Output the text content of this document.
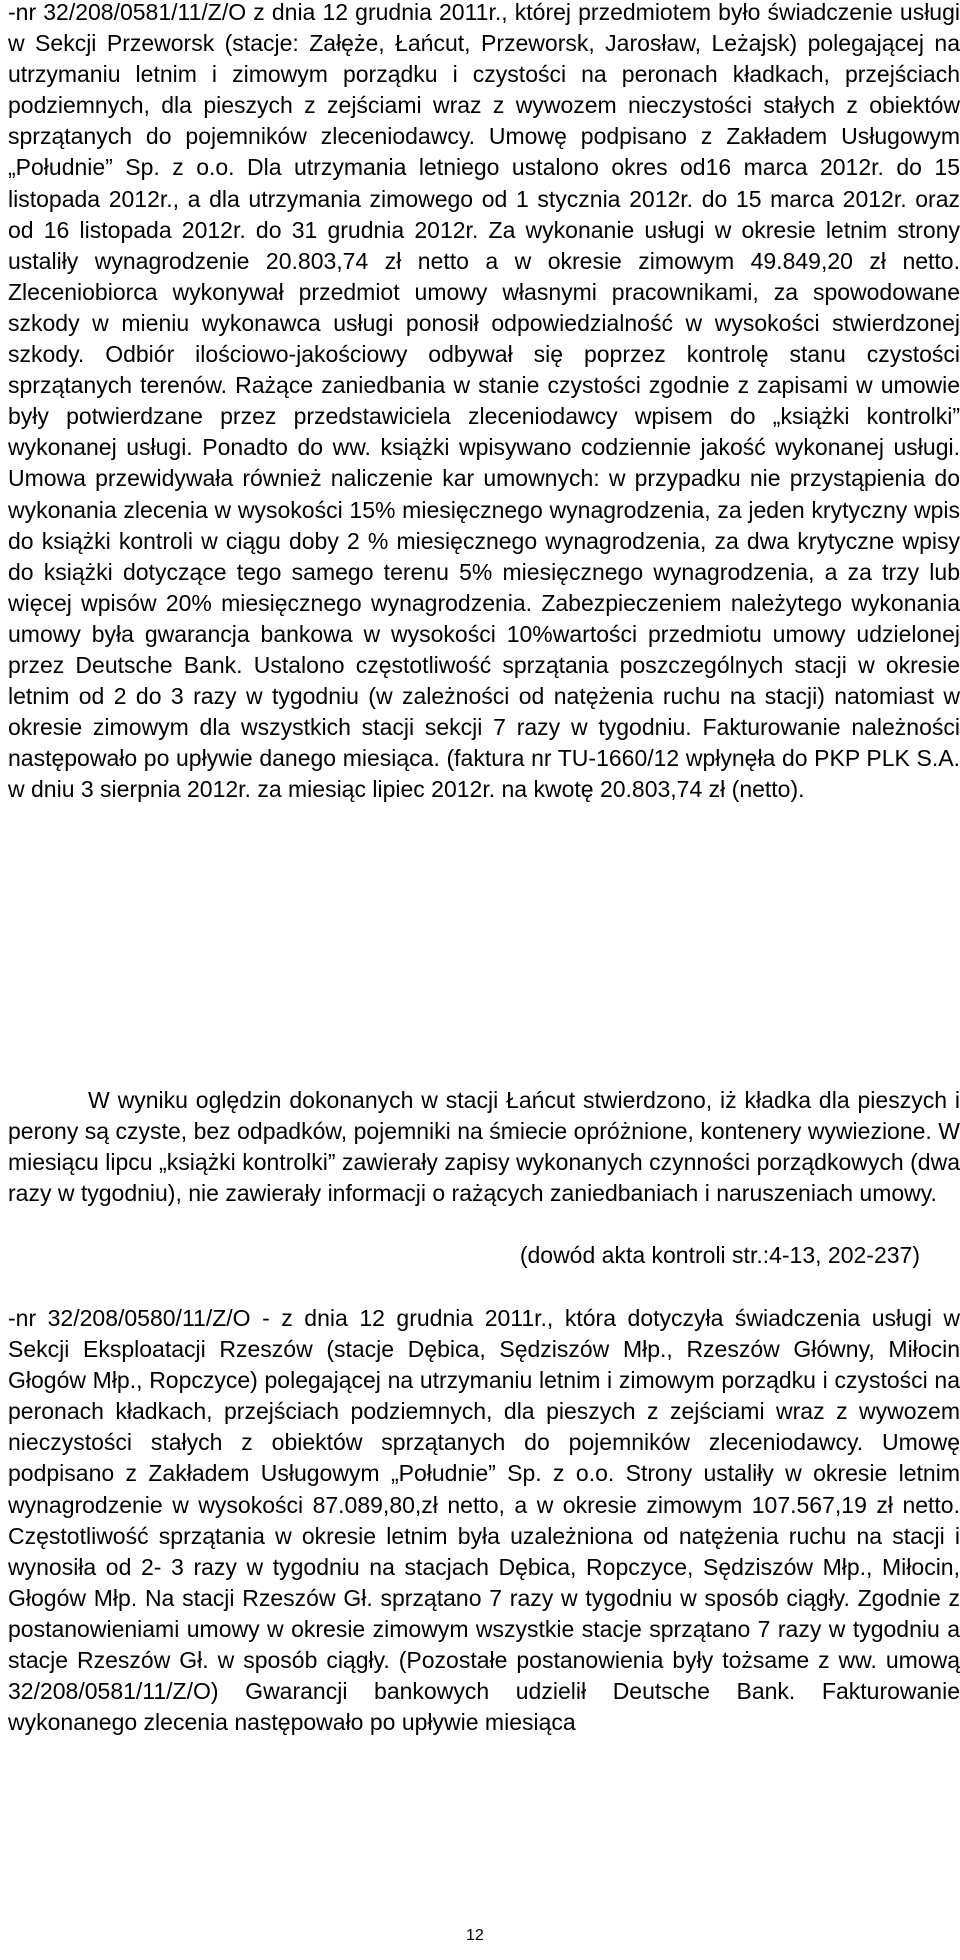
-nr 32/208/0581/11/Z/O z dnia 12 grudnia 2011r., której przedmiotem było świadczenie usługi w Sekcji Przeworsk (stacje: Załęże, Łańcut, Przeworsk, Jarosław, Leżajsk) polegającej na utrzymaniu letnim i zimowym porządku i czystości na peronach kładkach, przejściach podziemnych, dla pieszych z zejściami wraz z wywozem nieczystości stałych z obiektów sprzątanych do pojemników zleceniodawcy. Umowę podpisano z Zakładem Usługowym „Południe” Sp. z o.o. Dla utrzymania letniego ustalono okres od16 marca 2012r. do 15 listopada 2012r., a dla utrzymania zimowego od 1 stycznia 2012r. do 15 marca 2012r. oraz od 16 listopada 2012r. do 31 grudnia 2012r. Za wykonanie usługi w okresie letnim strony ustaliły wynagrodzenie 20.803,74 zł netto a w okresie zimowym 49.849,20 zł netto. Zleceniobiorca wykonywał przedmiot umowy własnymi pracownikami, za spowodowane szkody w mieniu wykonawca usługi ponosił odpowiedzialność w wysokości stwierdzonej szkody. Odbiór ilościowo-jakościowy odbywał się poprzez kontrolę stanu czystości sprzątanych terenów. Rażące zaniedbania w stanie czystości zgodnie z zapisami w umowie były potwierdzane przez przedstawiciela zleceniodawcy wpisem do „książki kontrolki” wykonanej usługi. Ponadto do ww. książki wpisywano codziennie jakość wykonanej usługi. Umowa przewidywała również naliczenie kar umownych: w przypadku nie przystąpienia do wykonania zlecenia w wysokości 15% miesięcznego wynagrodzenia, za jeden krytyczny wpis do książki kontroli w ciągu doby 2 % miesięcznego wynagrodzenia, za dwa krytyczne wpisy do książki dotyczące tego samego terenu 5% miesięcznego wynagrodzenia, a za trzy lub więcej wpisów 20% miesięcznego wynagrodzenia. Zabezpieczeniem należytego wykonania umowy była gwarancja bankowa w wysokości 10%wartości przedmiotu umowy udzielonej przez Deutsche Bank. Ustalono częstotliwość sprzątania poszczególnych stacji w okresie letnim od 2 do 3 razy w tygodniu (w zależności od natężenia ruchu na stacji) natomiast w okresie zimowym dla wszystkich stacji sekcji 7 razy w tygodniu. Fakturowanie należności następowało po upływie danego miesiąca. (faktura nr TU-1660/12 wpłynęła do PKP PLK S.A. w dniu 3 sierpnia 2012r. za miesiąc lipiec 2012r. na kwotę 20.803,74 zł (netto).

W wyniku oględzin dokonanych w stacji Łańcut stwierdzono, iż kładka dla pieszych i perony są czyste, bez odpadków, pojemniki na śmiecie opróżnione, kontenery wywiezione. W miesiącu lipcu „książki kontrolki” zawierały zapisy wykonanych czynności porządkowych (dwa razy w tygodniu), nie zawierały informacji o rażących zaniedbaniach i naruszeniach umowy.

(dowód akta kontroli str.:4-13, 202-237)

-nr 32/208/0580/11/Z/O - z dnia 12 grudnia 2011r., która dotyczyła świadczenia usługi w Sekcji Eksploatacji Rzeszów (stacje Dębica, Sędziszów Młp., Rzeszów Główny, Miłocin Głogów Młp., Ropczyce) polegającej na utrzymaniu letnim i zimowym porządku i czystości na peronach kładkach, przejściach podziemnych, dla pieszych z zejściami wraz z wywozem nieczystości stałych z obiektów sprzątanych do pojemników zleceniodawcy. Umowę podpisano z Zakładem Usługowym „Południe” Sp. z o.o. Strony ustaliły w okresie letnim wynagrodzenie w wysokości 87.089,80,zł netto, a w okresie zimowym 107.567,19 zł netto. Częstotliwość sprzątania w okresie letnim była uzależniona od natężenia ruchu na stacji i wynosiła od 2- 3 razy w tygodniu na stacjach Dębica, Ropczyce, Sędziszów Młp., Miłocin, Głogów Młp. Na stacji Rzeszów Gł. sprzątano 7 razy w tygodniu w sposób ciągły. Zgodnie z postanowieniami umowy w okresie zimowym wszystkie stacje sprzątano 7 razy w tygodniu a stacje Rzeszów Gł. w sposób ciągły. (Pozostałe postanowienia były tożsame z ww. umową 32/208/0581/11/Z/O) Gwarancji bankowych udzielił Deutsche Bank. Fakturowanie wykonanego zlecenia następowało po upływie miesiąca

12
